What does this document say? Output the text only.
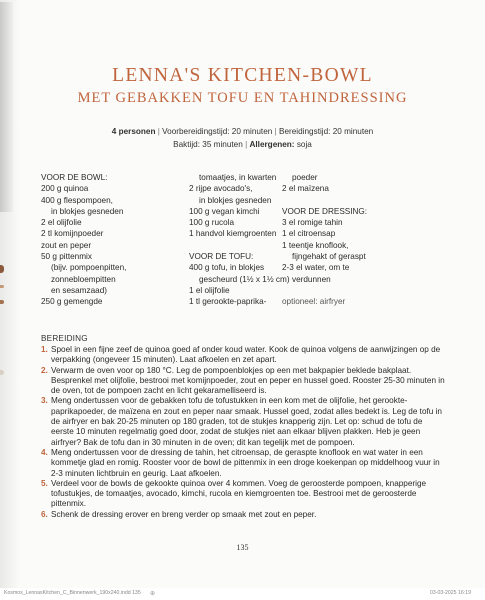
LENNA'S KITCHEN-BOWL
MET GEBAKKEN TOFU EN TAHINDRESSING
4 personen | Voorbereidingstijd: 20 minuten | Bereidingstijd: 20 minuten
Baktijd: 35 minuten | Allergenen: soja
VOOR DE BOWL:
200 g quinoa
400 g flespompoen,
in blokjes gesneden
2 el olijfolie
2 tl komijnpoeder
zout en peper
50 g pittenmix
(bijv. pompoenpitten,
zonnebloempitten
en sesamzaad)
250 g gemengde
tomaatjes, in kwarten
2 rijpe avocado's,
in blokjes gesneden
100 g vegan kimchi
100 g rucola
1 handvol kiemgroenten
VOOR DE TOFU:
400 g tofu, in blokjes
gescheurd (1½ x 1½ cm)
1 el olijfolie
1 tl gerookte-paprika-
poeder
2 el maïzena
VOOR DE DRESSING:
3 el romige tahin
1 el citroensap
1 teentje knoflook,
fijngehakt of geraspt
2-3 el water, om te
verdunnen
optioneel: airfryer
BEREIDING
1. Spoel in een fijne zeef de quinoa goed af onder koud water. Kook de quinoa volgens de aanwijzingen op de verpakking (ongeveer 15 minuten). Laat afkoelen en zet apart.
2. Verwarm de oven voor op 180 °C. Leg de pompoenblokjes op een met bakpapier beklede bakplaat. Besprenkel met olijfolie, bestrooi met komijnpoeder, zout en peper en hussel goed. Rooster 25-30 minuten in de oven, tot de pompoen zacht en licht gekaramelliseerd is.
3. Meng ondertussen voor de gebakken tofu de tofustukken in een kom met de olijfolie, het gerookte-paprikapoeder, de maïzena en zout en peper naar smaak. Hussel goed, zodat alles bedekt is. Leg de tofu in de airfryer en bak 20-25 minuten op 180 graden, tot de stukjes knapperig zijn. Let op: schud de tofu de eerste 10 minuten regelmatig goed door, zodat de stukjes niet aan elkaar blijven plakken. Heb je geen airfryer? Bak de tofu dan in 30 minuten in de oven; dit kan tegelijk met de pompoen.
4. Meng ondertussen voor de dressing de tahin, het citroensap, de geraspte knoflook en wat water in een kommetje glad en romig. Rooster voor de bowl de pittenmix in een droge koekenpan op middelhoog vuur in 2-3 minuten lichtbruin en geurig. Laat afkoelen.
5. Verdeel voor de bowls de gekookte quinoa over 4 kommen. Voeg de geroosterde pompoen, knapperige tofustukjes, de tomaatjes, avocado, kimchi, rucola en kiemgroenten toe. Bestrooi met de geroosterde pittenmix.
6. Schenk de dressing erover en breng verder op smaak met zout en peper.
135
Kosmos_LennasKitchen_C_Binnenwerk_190x240.indd 135 ⊕	03-03-2025 16:19
